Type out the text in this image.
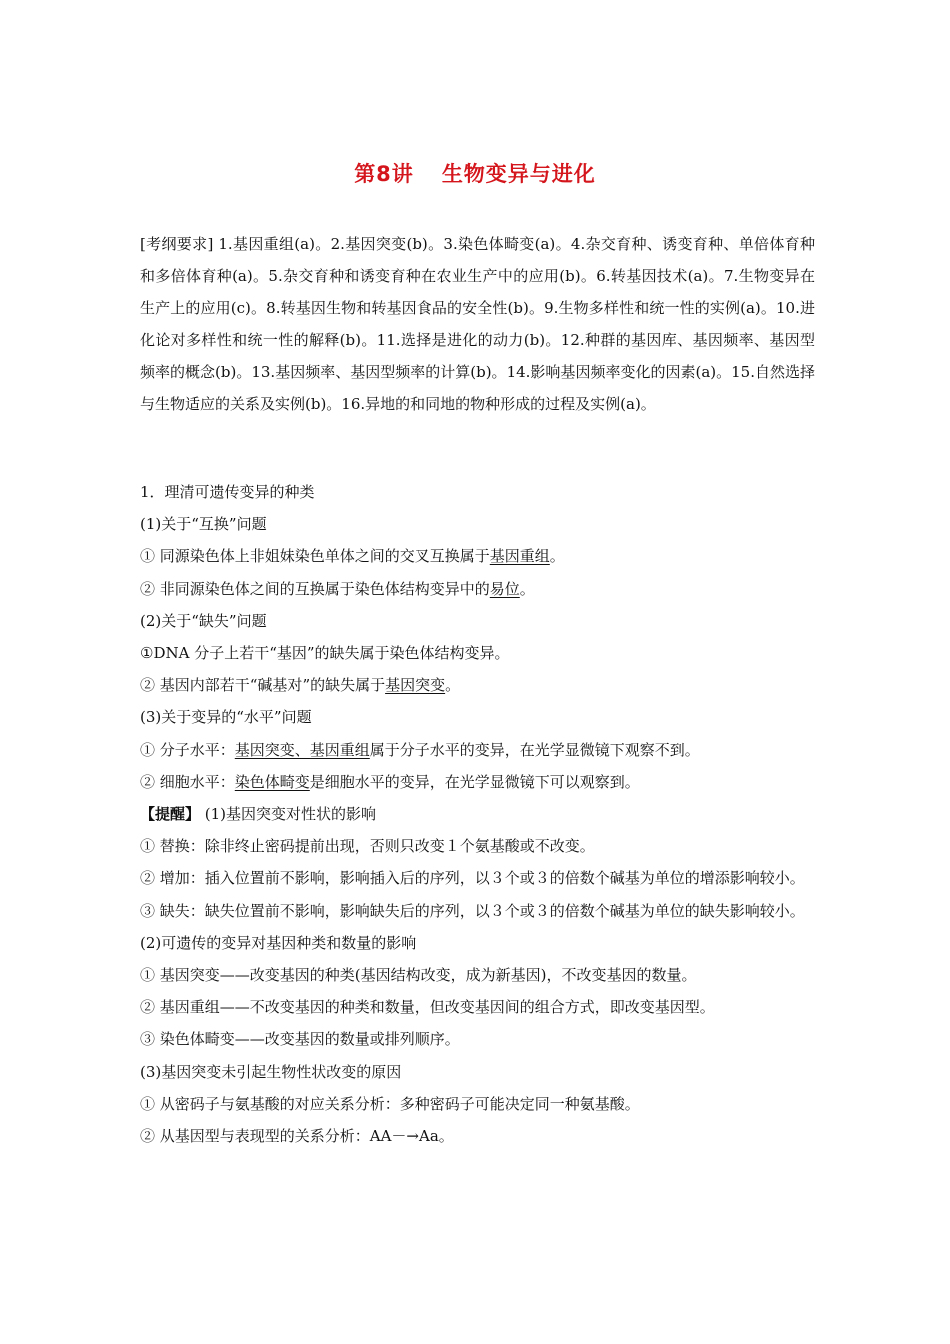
第8讲 生物变异与进化
[考纲要求] 1.基因重组(a)。2.基因突变(b)。3.染色体畸变(a)。4.杂交育种、诱变育种、单倍体育种和多倍体育种(a)。5.杂交育种和诱变育种在农业生产中的应用(b)。6.转基因技术(a)。7.生物变异在生产上的应用(c)。8.转基因生物和转基因食品的安全性(b)。9.生物多样性和统一性的实例(a)。10.进化论对多样性和统一性的解释(b)。11.选择是进化的动力(b)。12.种群的基因库、基因频率、基因型频率的概念(b)。13.基因频率、基因型频率的计算(b)。14.影响基因频率变化的因素(a)。15.自然选择与生物适应的关系及实例(b)。16.异地的和同地的物种形成的过程及实例(a)。
1．理清可遗传变异的种类
(1)关于“互换”问题
① 同源染色体上非姐妹染色单体之间的交叉互换属于基因重组。
② 非同源染色体之间的互换属于染色体结构变异中的易位。
(2)关于“缺失”问题
①DNA 分子上若干“基因”的缺失属于染色体结构变异。
② 基因内部若干“碱基对”的缺失属于基因突变。
(3)关于变异的“水平”问题
① 分子水平：基因突变、基因重组属于分子水平的变异，在光学显微镜下观察不到。
② 细胞水平：染色体畸变是细胞水平的变异，在光学显微镜下可以观察到。
【提醒】 (1)基因突变对性状的影响
① 替换：除非终止密码提前出现，否则只改变１个氨基酸或不改变。
② 增加：插入位置前不影响，影响插入后的序列，以３个或３的倍数个碱基为单位的增添影响较小。
③ 缺失：缺失位置前不影响，影响缺失后的序列，以３个或３的倍数个碱基为单位的缺失影响较小。
(2)可遗传的变异对基因种类和数量的影响
① 基因突变——改变基因的种类(基因结构改变，成为新基因)，不改变基因的数量。
② 基因重组——不改变基因的种类和数量，但改变基因间的组合方式，即改变基因型。
③ 染色体畸变——改变基因的数量或排列顺序。
(3)基因突变未引起生物性状改变的原因
① 从密码子与氨基酸的对应关系分析：多种密码子可能决定同一种氨基酸。
② 从基因型与表现型的关系分析：AA－→Aa。
